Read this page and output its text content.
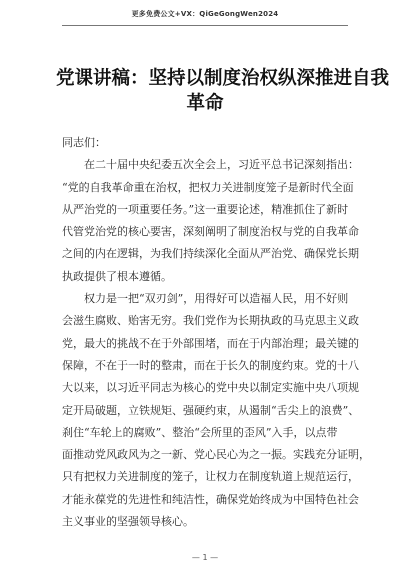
更多免费公文+VX：QiGeGongWen2024
党课讲稿：坚持以制度治权纵深推进自我
革命
同志们：
在二十届中央纪委五次全会上，习近平总书记深刻指出：
“党的自我革命重在治权，把权力关进制度笼子是新时代全面
从严治党的一项重要任务。”这一重要论述，精准抓住了新时
代管党治党的核心要害，深刻阐明了制度治权与党的自我革命
之间的内在逻辑，为我们持续深化全面从严治党、确保党长期
执政提供了根本遵循。
权力是一把“双刃剑”，用得好可以造福人民，用不好则
会滋生腐败、贻害无穷。我们党作为长期执政的马克思主义政
党，最大的挑战不在于外部围堵，而在于内部治理；最关键的
保障，不在于一时的整肃，而在于长久的制度约束。党的十八
大以来，以习近平同志为核心的党中央以制定实施中央八项规
定开局破题，立铁规矩、强硬约束，从遏制“舌尖上的浪费”、
刹住“车轮上的腐败”、整治“会所里的歪风”入手，以点带
面推动党风政风为之一新、党心民心为之一振。实践充分证明，
只有把权力关进制度的笼子，让权力在制度轨道上规范运行，
才能永葆党的先进性和纯洁性，确保党始终成为中国特色社会
主义事业的坚强领导核心。
— 1 —
